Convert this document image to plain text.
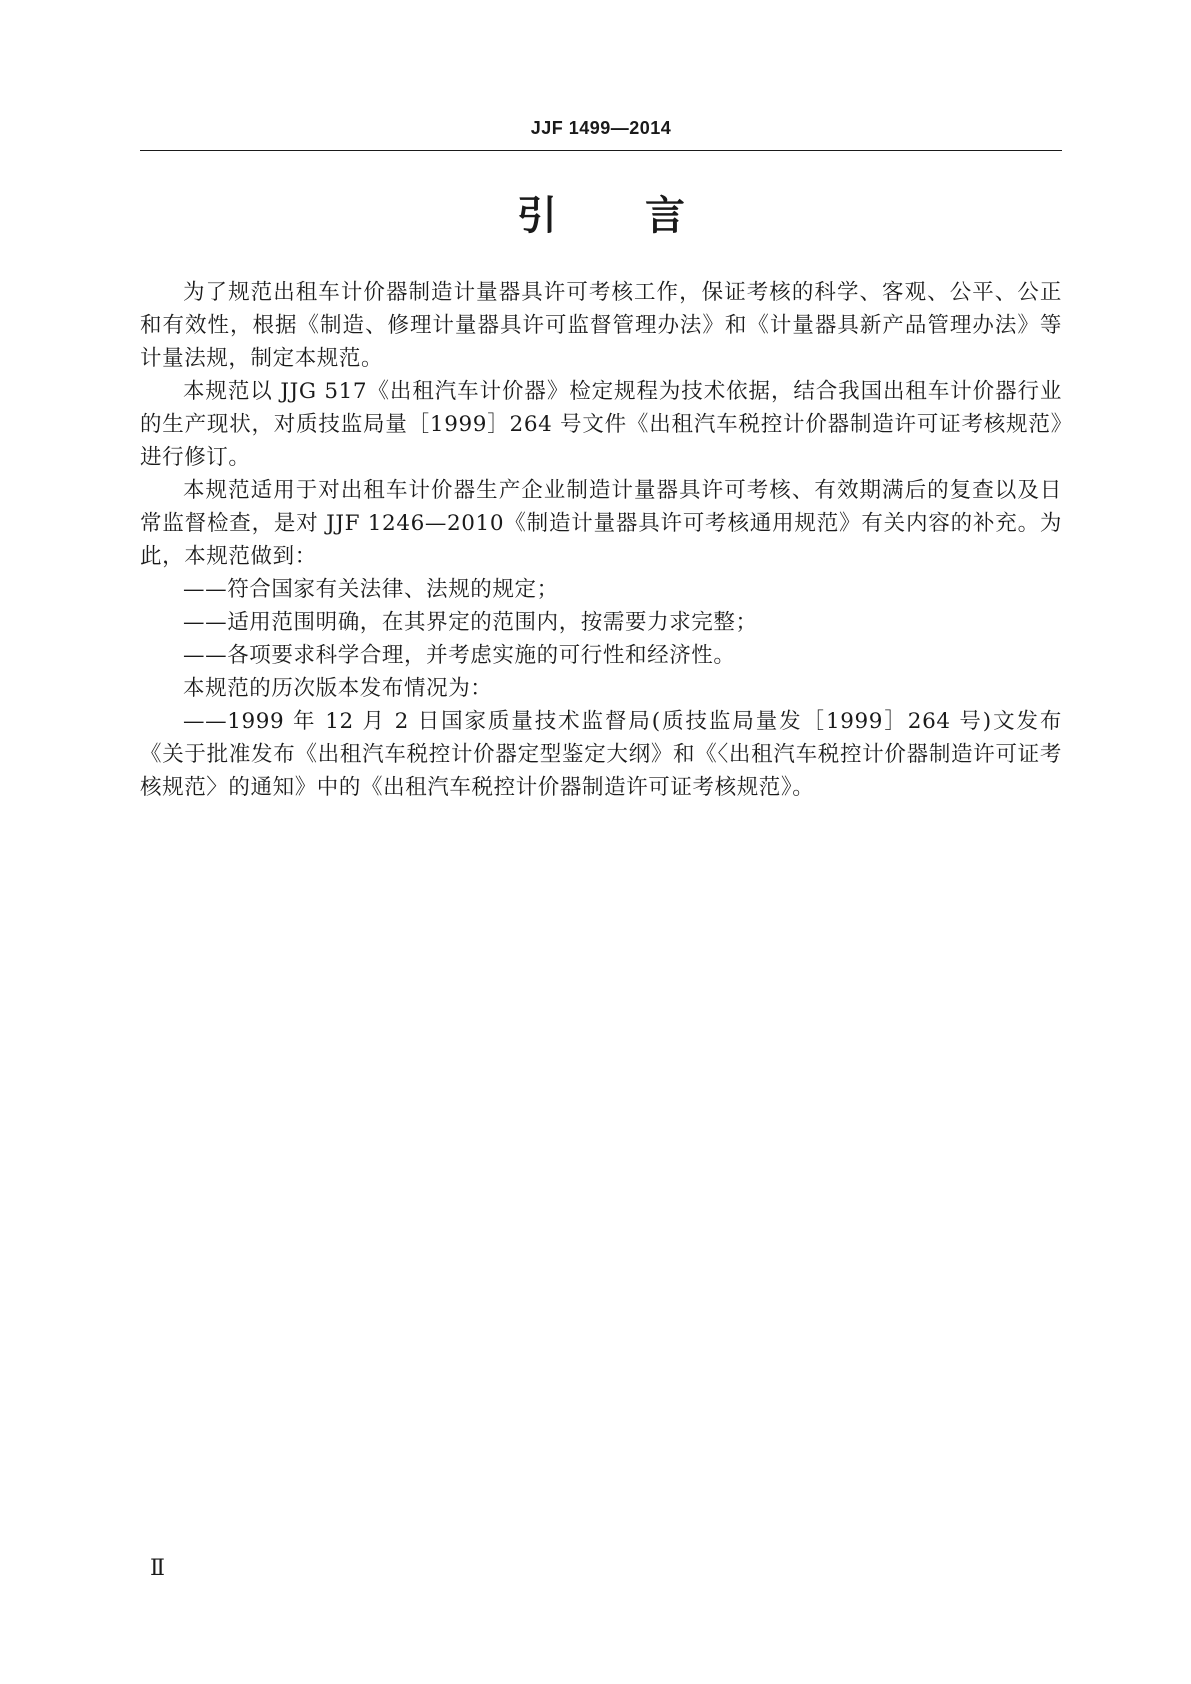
JJF 1499—2014
引 言

为了规范出租车计价器制造计量器具许可考核工作，保证考核的科学、客观、公平、公正和有效性，根据《制造、修理计量器具许可监督管理办法》和《计量器具新产品管理办法》等计量法规，制定本规范。

本规范以 JJG 517《出租汽车计价器》检定规程为技术依据，结合我国出租车计价器行业的生产现状，对质技监局量［1999］264 号文件《出租汽车税控计价器制造许可证考核规范》进行修订。

本规范适用于对出租车计价器生产企业制造计量器具许可考核、有效期满后的复查以及日常监督检查，是对 JJF 1246—2010《制造计量器具许可考核通用规范》有关内容的补充。为此，本规范做到：

——符合国家有关法律、法规的规定；

——适用范围明确，在其界定的范围内，按需要力求完整；

——各项要求科学合理，并考虑实施的可行性和经济性。

本规范的历次版本发布情况为：

——1999 年 12 月 2 日国家质量技术监督局(质技监局量发［1999］264 号)文发布《关于批准发布《出租汽车税控计价器定型鉴定大纲》和《〈出租汽车税控计价器制造许可证考核规范〉的通知》中的《出租汽车税控计价器制造许可证考核规范》。

Ⅱ
